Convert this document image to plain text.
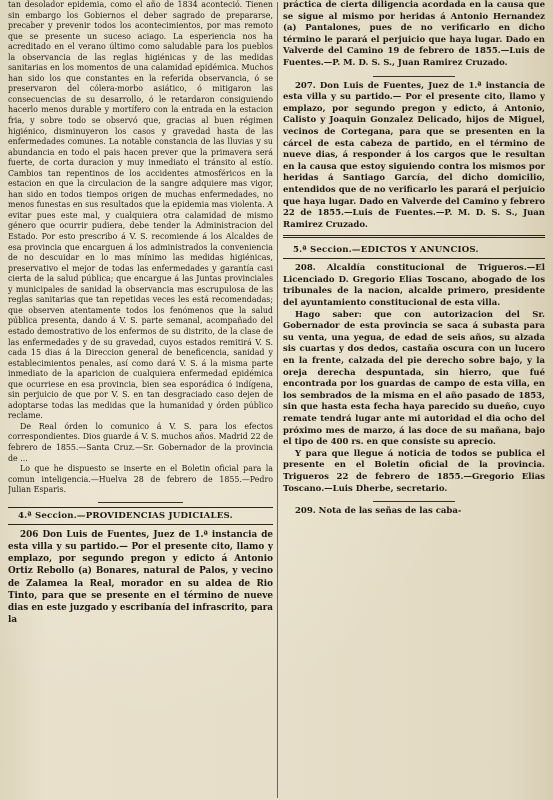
tan desolador epidemia, como el año de 1834 aconteció. Tienen sin embargo los Gobiernos el deber sagrado de prepararse, precaber y prevenir todos los acontecimientos, por mas remoto que se presente un suceso aciago. La esperiencia nos ha acreditado en el verano último como saludable para los pueblos la observancia de las reglas higiénicas y de las medidas sanitarias en los momentos de una calamidad epidémica. Muchos han sido los que constantes en la referida observancia, ó se preservaron del cólera-morbo asiático, ó mitigaron las consecuencias de su desarrollo, ó le retardaron consiguiendo hacerlo menos durable y mortífero con la entrada en la estacion fria, y sobre todo se observó que, gracias al buen régimen higiénico, disminuyeron los casos y gravedad hasta de las enfermedades comunes. La notable constancia de las lluvias y su abundancia en todo el pais hacen prever que la primavera será fuerte, de corta duracion y muy inmediato el tránsito al estío. Cambios tan repentinos de los accidentes atmosféricos en la estacion en que la circulacion de la sangre adquiere mas vigor, han sido en todos tiempos origen de muchas enfermedades, no menos funestas en sus resultados que la epidemia mas violenta. A evitar pues este mal, y cualquiera otra calamidad de mismo género que ocurrir pudiera, debe tender la Administracion del Estado. Por esto prescribo á V. S. recomiende á los Alcaldes de esa provincia que encarguen á los administrados la conveniencia de no descuidar en lo mas mínimo las medidas higiénicas, preservativo el mejor de todas las enfermedades y garantía casi cierta de la salud pública; que encargue á las Juntas provinciales y municipales de sanidad la observancia mas escrupulosa de las reglas sanitarias que tan repetidas veces les está recomendadas; que observen atentamente todos los fenómenos que la salud pública presenta, dando á V. S. parte semanal, acompañado del estado demostrativo de los enfermos de su distrito, de la clase de las enfermedades y de su gravedad, cuyos estados remitirá V. S. cada 15 dias á la Direccion general de beneficencia, sanidad y establecimientos penales, así como dará V. S. á la misma parte inmediato de la aparicion de cualquiera enfermedad epidémica que ocurriese en esa provincia, bien sea esporádica ó indígena, sin perjuicio de que por V. S. en tan desgraciado caso dejen de adoptarse todas las medidas que la humanidad y órden público reclame.

De Real órden lo comunico á V. S. para los efectos correspondientes. Dios guarde á V. S. muchos años. Madrid 22 de febrero de 1855.—Santa Cruz.—Sr. Gobernador de la provincia de ...

Lo que he dispuesto se inserte en el Boletin oficial para la comun inteligencia.—Huelva 28 de febrero de 1855.—Pedro Julian Esparis.

4.ª Seccion.—PROVIDENCIAS JUDICIALES.

206 Don Luis de Fuentes, Juez de 1.ª instancia de esta villa y su partido.— Por el presente cito, llamo y emplazo, por segundo pregon y edicto á Antonio Ortiz Rebollo (a) Bonares, natural de Palos, y vecino de Zalamea la Real, morador en su aldea de Rio Tinto, para que se presente en el término de nueve dias en este juzgado y escribanía del infrascrito, para la

práctica de cierta diligencia acordada en la causa que se sigue al mismo por heridas á Antonio Hernandez (a) Pantalones, pues de no verificarlo en dicho término le parará el perjuicio que haya lugar. Dado en Valverde del Camino 19 de febrero de 1855.—Luis de Fuentes.—P. M. D. S. S., Juan Ramirez Cruzado.

207. Don Luis de Fuentes, Juez de 1.ª instancia de esta villa y su partido.— Por el presente cito, llamo y emplazo, por segundo pregon y edicto, á Antonio, Calisto y Joaquin Gonzalez Delicado, hijos de Miguel, vecinos de Cortegana, para que se presenten en la cárcel de esta cabeza de partido, en el término de nueve dias, á responder á los cargos que le resultan en la causa que estoy siguiendo contra los mismos por heridas á Santiago García, del dicho domicilio, entendidos que de no verificarlo les parará el perjuicio que haya lugar. Dado en Valverde del Camino y febrero 22 de 1855.—Luis de Fuentes.—P. M. D. S. S., Juan Ramirez Cruzado.

5.ª Seccion.—EDICTOS Y ANUNCIOS.

208. Alcaldía constitucional de Trigueros.—El Licenciado D. Gregorio Elias Toscano, abogado de los tribunales de la nacion, alcalde primero, presidente del ayuntamiento constitucional de esta villa.

Hago saber: que con autorizacion del Sr. Gobernador de esta provincia se saca á subasta para su venta, una yegua, de edad de seis años, su alzada sis cuartas y dos dedos, castaña oscura con un lucero en la frente, calzada del pie derecho sobre bajo, y la oreja derecha despuntada, sin hierro, que fué encontrada por los guardas de campo de esta villa, en los sembrados de la misma en el año pasado de 1853, sin que hasta esta fecha haya parecido su dueño, cuyo remate tendrá lugar ante mi autoridad el dia ocho del próximo mes de marzo, á las doce de su mañana, bajo el tipo de 400 rs. en que consiste su aprecio.

Y para que llegue á noticia de todos se publica el presente en el Boletin oficial de la provincia. Trigueros 22 de febrero de 1855.—Gregorio Elias Toscano.—Luis Dherbe, secretario.

209. Nota de las señas de las caba-
